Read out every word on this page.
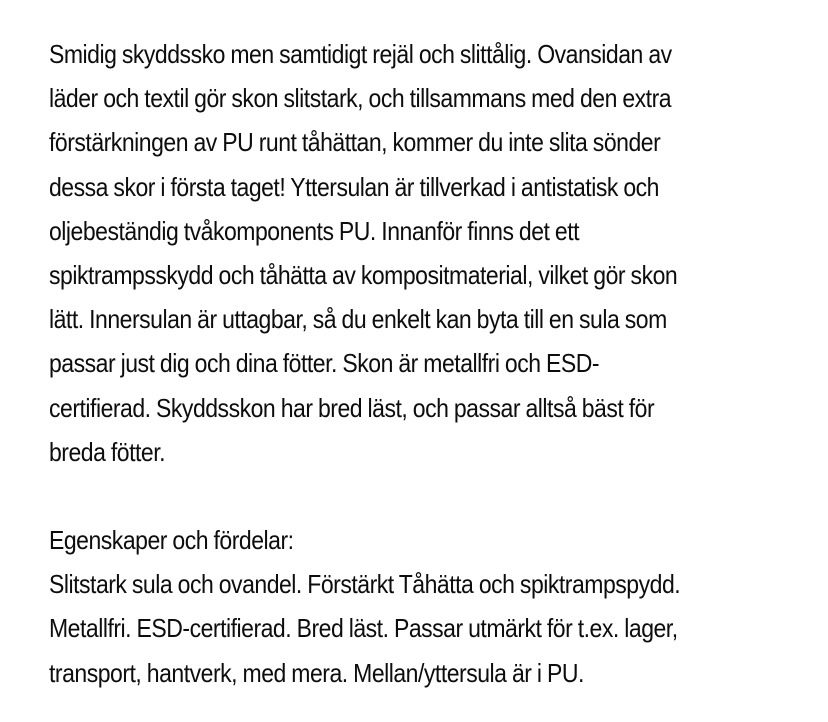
Smidig skyddssko men samtidigt rejäl och slittålig. Ovansidan av
läder och textil gör skon slitstark, och tillsammans med den extra
förstärkningen av PU runt tåhättan, kommer du inte slita sönder
dessa skor i första taget! Yttersulan är tillverkad i antistatisk och
oljebeständig tvåkomponents PU. Innanför finns det ett
spiktrampsskydd och tåhätta av kompositmaterial, vilket gör skon
lätt. Innersulan är uttagbar, så du enkelt kan byta till en sula som
passar just dig och dina fötter. Skon är metallfri och ESD-
certifierad. Skyddsskon har bred läst, och passar alltså bäst för
breda fötter.
Egenskaper och fördelar:
Slitstark sula och ovandel. Förstärkt Tåhätta och spiktrampspydd.
Metallfri. ESD-certifierad. Bred läst. Passar utmärkt för t.ex. lager,
transport, hantverk, med mera. Mellan/yttersula är i PU.
